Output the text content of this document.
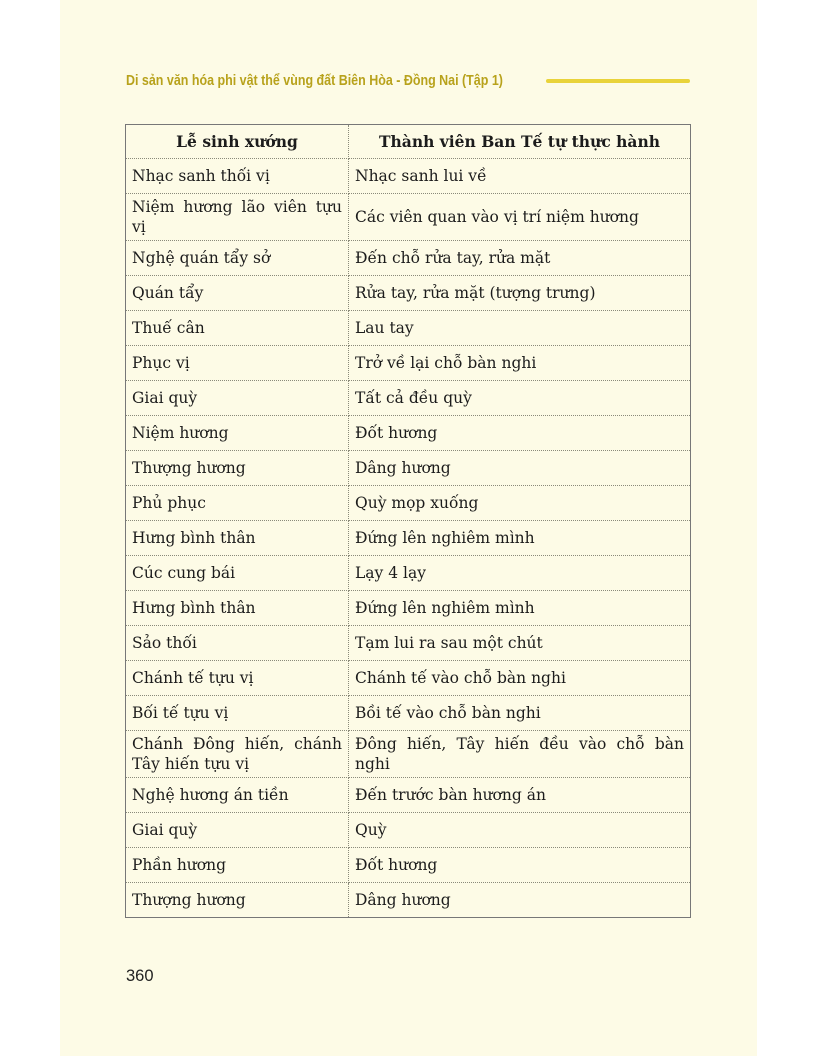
Di sản văn hóa phi vật thể vùng đất Biên Hòa - Đồng Nai (Tập 1)
Lễ sinh xướng	Thành viên Ban Tế tự thực hành
Nhạc sanh thối vị	Nhạc sanh lui về
Niệm hương lão viên tựu vị	Các viên quan vào vị trí niệm hương
Nghệ quán tẩy sở	Đến chỗ rửa tay, rửa mặt
Quán tẩy	Rửa tay, rửa mặt (tượng trưng)
Thuế cân	Lau tay
Phục vị	Trở về lại chỗ bàn nghi
Giai quỳ	Tất cả đều quỳ
Niệm hương	Đốt hương
Thượng hương	Dâng hương
Phủ phục	Quỳ mọp xuống
Hưng bình thân	Đứng lên nghiêm mình
Cúc cung bái	Lạy 4 lạy
Hưng bình thân	Đứng lên nghiêm mình
Sảo thối	Tạm lui ra sau một chút
Chánh tế tựu vị	Chánh tế vào chỗ bàn nghi
Bối tế tựu vị	Bồi tế vào chỗ bàn nghi
Chánh Đông hiến, chánh Tây hiến tựu vị	Đông hiến, Tây hiến đều vào chỗ bàn nghi
Nghệ hương án tiền	Đến trước bàn hương án
Giai quỳ	Quỳ
Phần hương	Đốt hương
Thượng hương	Dâng hương
360
